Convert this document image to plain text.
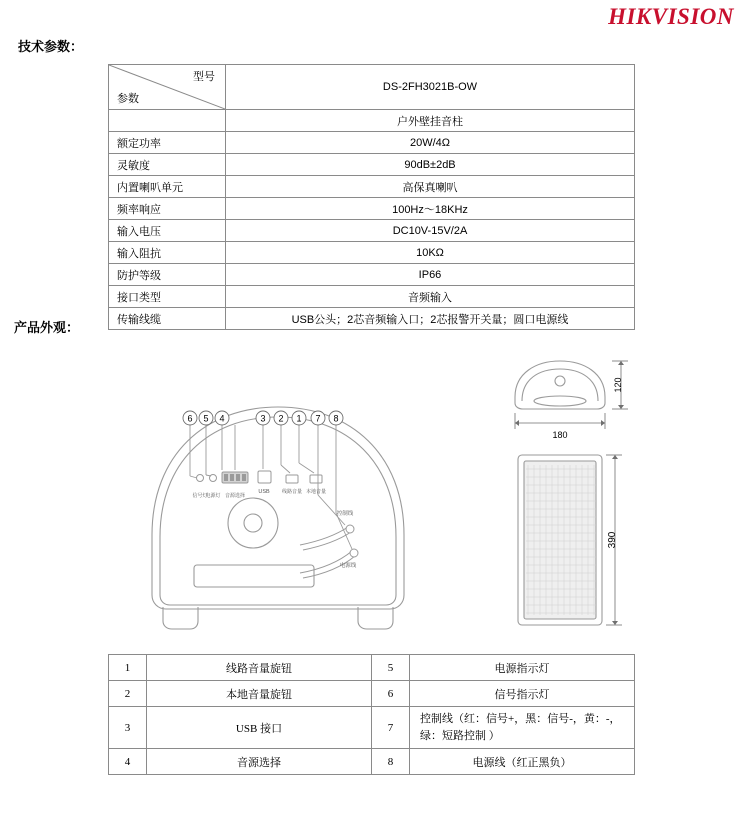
HIKVISION
技术参数：
型号
参数	DS-2FH3021B-OW
	户外壁挂音柱
额定功率	20W/4Ω
灵敏度	90dB±2dB
内置喇叭单元	高保真喇叭
频率响应	100Hz～18KHz
输入电压	DC10V-15V/2A
输入阻抗	10KΩ
防护等级	IP66
接口类型	音频输入
传输线缆	USB公头；2芯音频输入口；2芯报警开关量；圆口电源线
产品外观：
6 5 4	3 2 1 7 8
信号灯
电源灯 音源选择
USB 线路音量 本地音量
控制线
电源线
120
180
390
1	线路音量旋钮	5	电源指示灯
2	本地音量旋钮	6	信号指示灯
3	USB 接口	7	控制线（红：信号+，黑：信号-，黄：-，绿：短路控制 ）
4	音源选择	8	电源线（红正黑负）
